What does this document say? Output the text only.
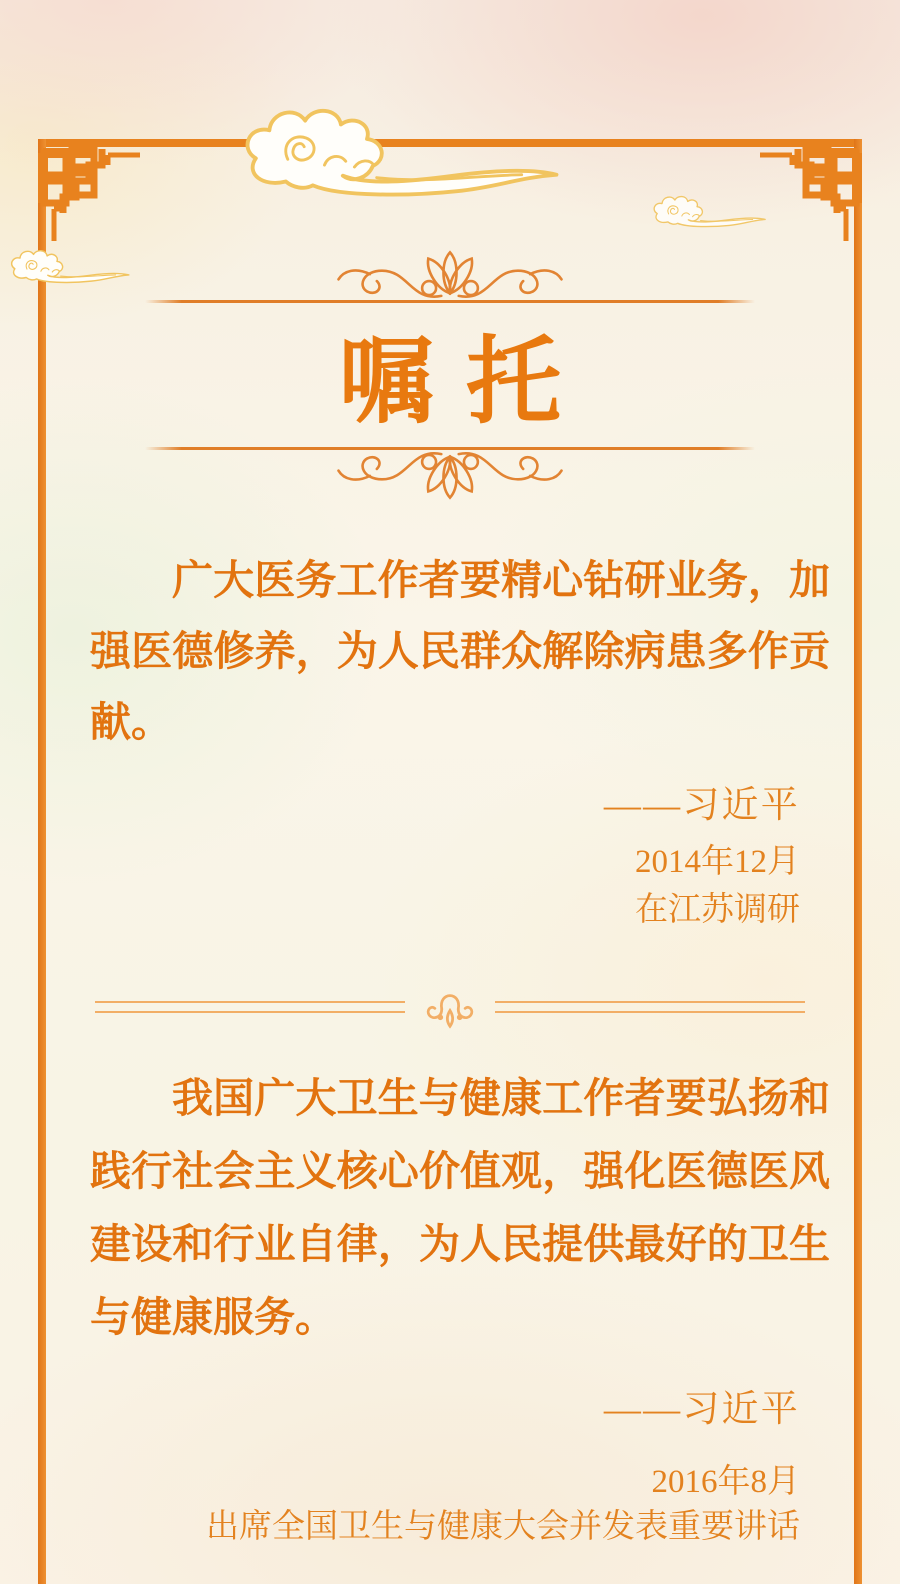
嘱托

广大医务工作者要精心钻研业务，加强医德修养，为人民群众解除病患多作贡献。

——习近平
2014年12月
在江苏调研

我国广大卫生与健康工作者要弘扬和践行社会主义核心价值观，强化医德医风建设和行业自律，为人民提供最好的卫生与健康服务。

——习近平
2016年8月
出席全国卫生与健康大会并发表重要讲话
